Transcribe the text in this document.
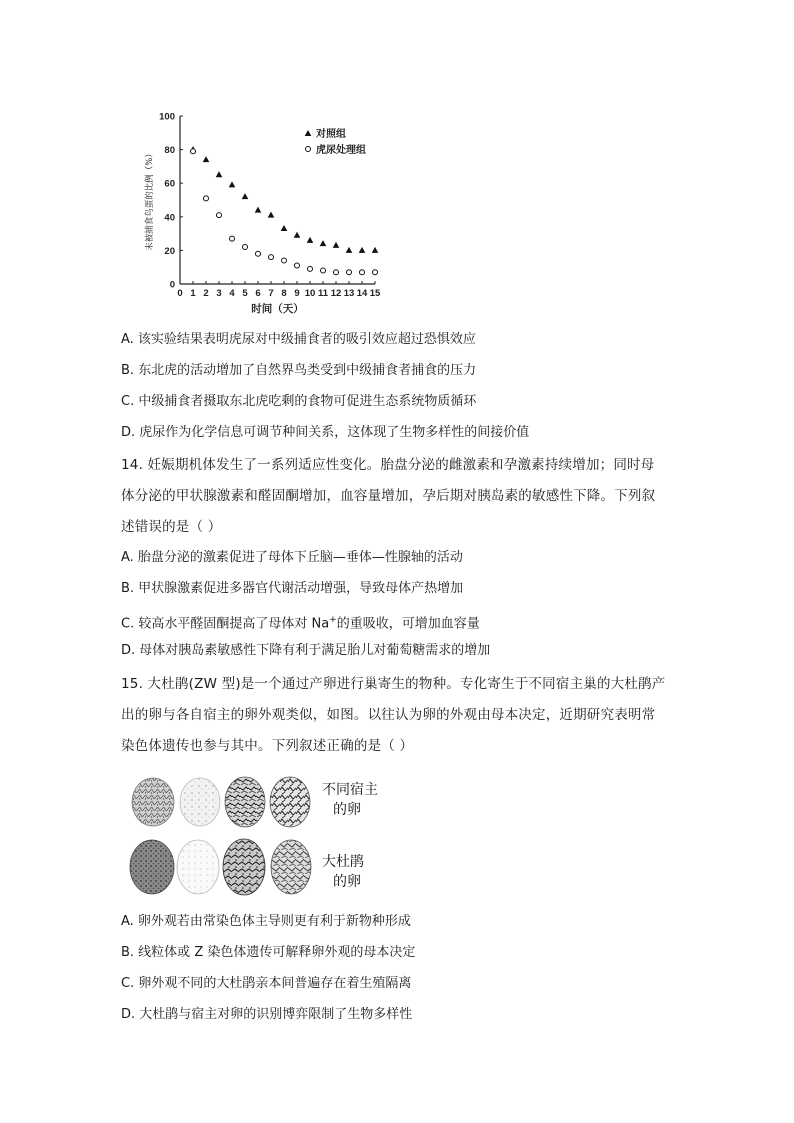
0
20
40
60
80
100
0 1 2 3 4 5 6 7 8 9 10 11 12 13 14 15
未被捕食鸟蛋的比例（%）
时间（天）
对照组
虎尿处理组
A. 该实验结果表明虎尿对中级捕食者的吸引效应超过恐惧效应
B. 东北虎的活动增加了自然界鸟类受到中级捕食者捕食的压力
C. 中级捕食者摄取东北虎吃剩的食物可促进生态系统物质循环
D. 虎尿作为化学信息可调节种间关系，这体现了生物多样性的间接价值
14. 妊娠期机体发生了一系列适应性变化。胎盘分泌的雌激素和孕激素持续增加；同时母
体分泌的甲状腺激素和醛固酮增加，血容量增加，孕后期对胰岛素的敏感性下降。下列叙
述错误的是（ ）
A. 胎盘分泌的激素促进了母体下丘脑—垂体—性腺轴的活动
B. 甲状腺激素促进多器官代谢活动增强，导致母体产热增加
C. 较高水平醛固酮提高了母体对 Na+的重吸收，可增加血容量
D. 母体对胰岛素敏感性下降有利于满足胎儿对葡萄糖需求的增加
15. 大杜鹃(ZW 型)是一个通过产卵进行巢寄生的物种。专化寄生于不同宿主巢的大杜鹃产
出的卵与各自宿主的卵外观类似，如图。以往认为卵的外观由母本决定，近期研究表明常
染色体遗传也参与其中。下列叙述正确的是（ ）
不同宿主
的卵
大杜鹃
的卵
A. 卵外观若由常染色体主导则更有利于新物种形成
B. 线粒体或 Z 染色体遗传可解释卵外观的母本决定
C. 卵外观不同的大杜鹃亲本间普遍存在着生殖隔离
D. 大杜鹃与宿主对卵的识别博弈限制了生物多样性
